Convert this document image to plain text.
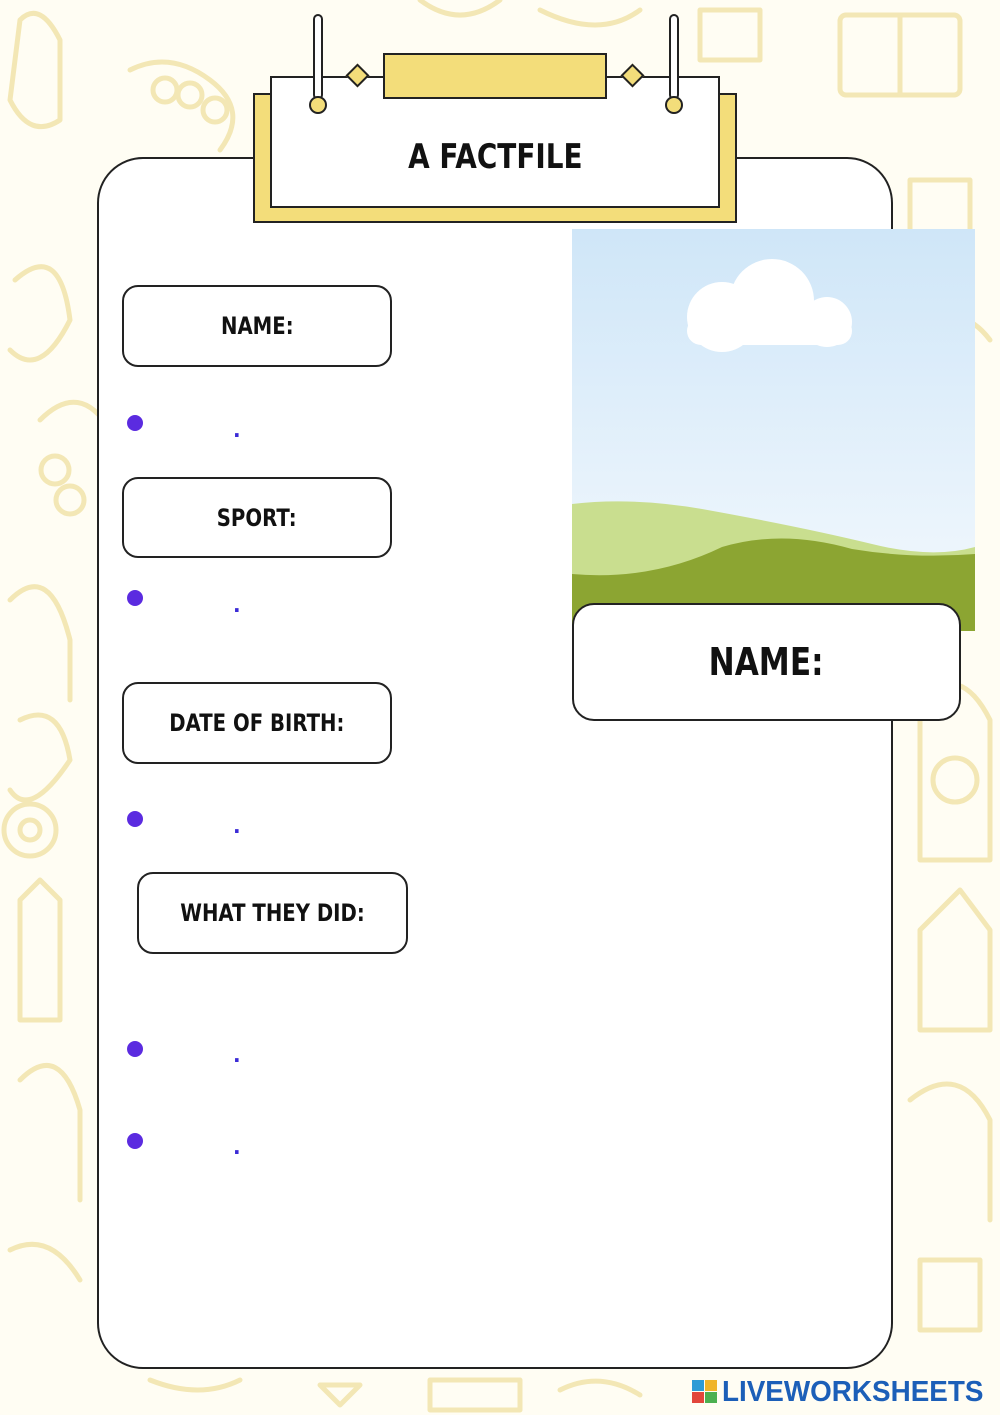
A FACTFILE
NAME:
.
SPORT:
.
DATE OF BIRTH:
.
WHAT THEY DID:
.
.
NAME:
LIVEWORKSHEETS
